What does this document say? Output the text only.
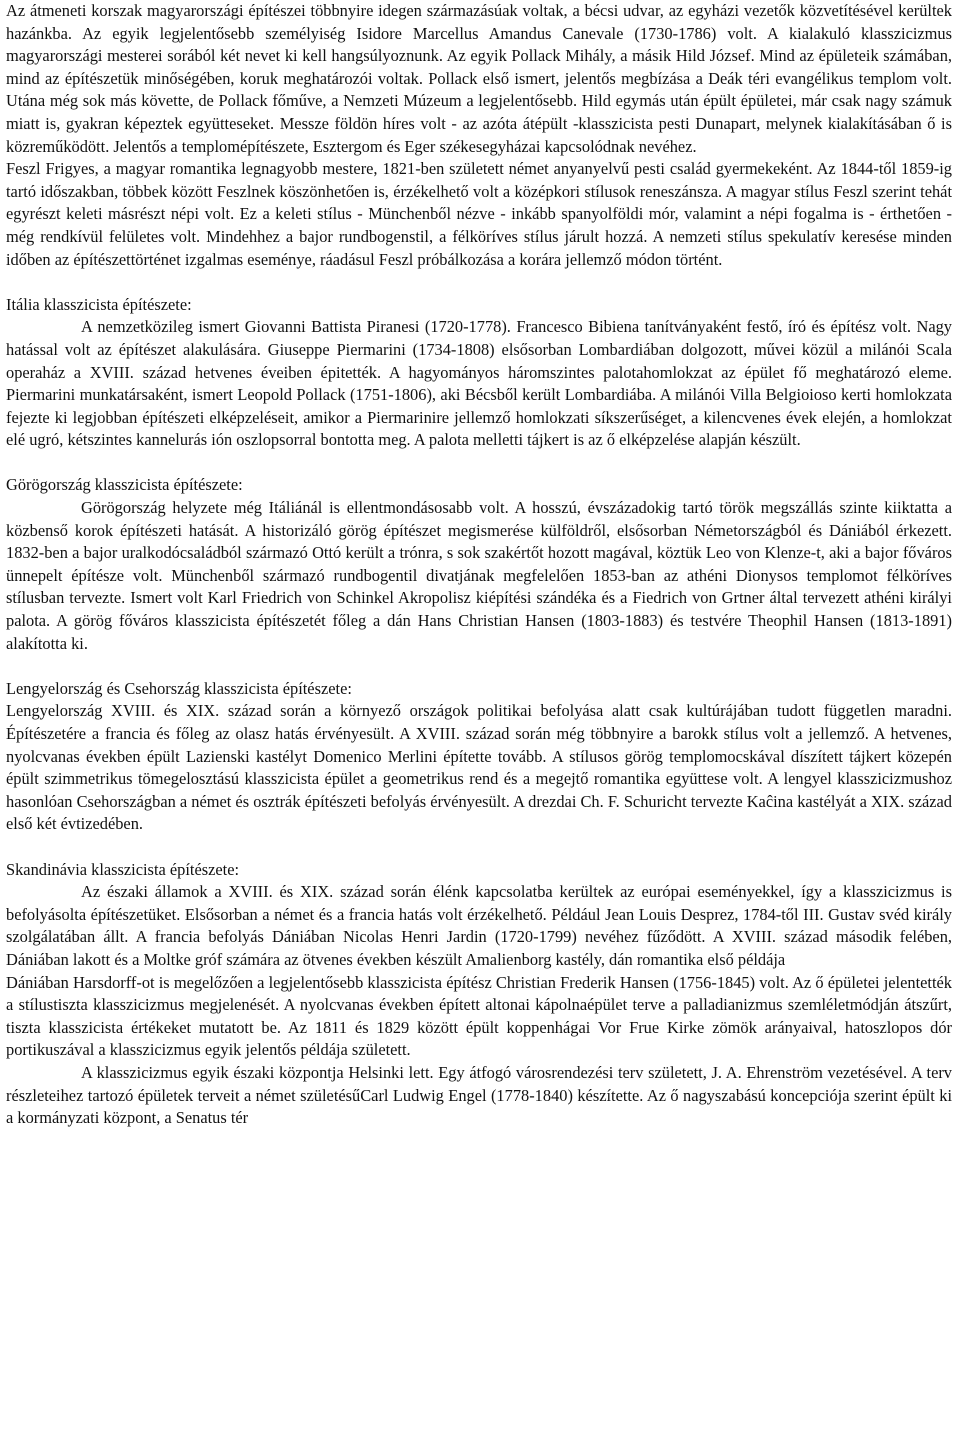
Az átmeneti korszak magyarországi építészei többnyire idegen származásúak voltak, a bécsi udvar, az egyházi vezetők közvetítésével kerültek hazánkba. Az egyik legjelentősebb személyiség Isidore Marcellus Amandus Canevale (1730-1786) volt. A kialakuló klasszicizmus magyarországi mesterei sorából két nevet ki kell hangsúlyoznunk. Az egyik Pollack Mihály, a másik Hild József. Mind az épületeik számában, mind az építészetük minőségében, koruk meghatározói voltak. Pollack első ismert, jelentős megbízása a Deák téri evangélikus templom volt. Utána még sok más követte, de Pollack főműve, a Nemzeti Múzeum a legjelentősebb. Hild egymás után épült épületei, már csak nagy számuk miatt is, gyakran képeztek együtteseket. Messze földön híres volt - az azóta átépült -klasszicista pesti Dunapart, melynek kialakításában ő is közreműködött. Jelentős a templomépítészete, Esztergom és Eger székesegyházai kapcsolódnak nevéhez.

Feszl Frigyes, a magyar romantika legnagyobb mestere, 1821-ben született német anyanyelvű pesti család gyermekeként. Az 1844-től 1859-ig tartó időszakban, többek között Feszlnek köszönhetően is, érzékelhető volt a középkori stílusok reneszánsza. A magyar stílus Feszl szerint tehát egyrészt keleti másrészt népi volt. Ez a keleti stílus - Münchenből nézve - inkább spanyolföldi mór, valamint a népi fogalma is - érthetően - még rendkívül felületes volt. Mindehhez a bajor rundbogenstil, a félköríves stílus járult hozzá. A nemzeti stílus spekulatív keresése minden időben az építészettörténet izgalmas eseménye, ráadásul Feszl próbálkozása a korára jellemző módon történt.

Itália klasszicista építészete:

A nemzetközileg ismert Giovanni Battista Piranesi (1720-1778). Francesco Bibiena tanítványaként festő, író és építész volt. Nagy hatással volt az építészet alakulására. Giuseppe Piermarini (1734-1808) elsősorban Lombardiában dolgozott, művei közül a milánói Scala operaház a XVIII. század hetvenes éveiben épitették. A hagyományos háromszintes palotahomlokzat az épület fő meghatározó eleme. Piermarini munkatársaként, ismert Leopold Pollack (1751-1806), aki Bécsből került Lombardiába. A milánói Villa Belgioioso kerti homlokzata fejezte ki legjobban építészeti elképzeléseit, amikor a Piermarinire jellemző homlokzati síkszerűséget, a kilencvenes évek elején, a homlokzat elé ugró, kétszintes kannelurás ión oszlopsorral bontotta meg. A palota melletti tájkert is az ő elképzelése alapján készült.

Görögország klasszicista építészete:

Görögország helyzete még Itáliánál is ellentmondásosabb volt. A hosszú, évszázadokig tartó török megszállás szinte kiiktatta a közbenső korok építészeti hatását. A historizáló görög építészet megismerése külföldről, elsősorban Németországból és Dániából érkezett. 1832-ben a bajor uralkodócsaládból származó Ottó került a trónra, s sok szakértőt hozott magával, köztük Leo von Klenze-t, aki a bajor főváros ünnepelt építésze volt. Münchenből származó rundbogentil divatjának megfelelően 1853-ban az athéni Dionysos templomot félköríves stílusban tervezte. Ismert volt Karl Friedrich von Schinkel Akropolisz kiépítési szándéka és a Fiedrich von Grtner által tervezett athéni királyi palota. A görög főváros klasszicista építészetét főleg a dán Hans Christian Hansen (1803-1883) és testvére Theophil Hansen (1813-1891) alakította ki.

Lengyelország és Csehország klasszicista építészete:

Lengyelország XVIII. és XIX. század során a környező országok politikai befolyása alatt csak kultúrájában tudott független maradni. Építészetére a francia és főleg az olasz hatás érvényesült. A XVIII. század során még többnyire a barokk stílus volt a jellemző. A hetvenes, nyolcvanas években épült Lazienski kastélyt Domenico Merlini építette tovább. A stílusos görög templomocskával díszített tájkert közepén épült szimmetrikus tömegelosztású klasszicista épület a geometrikus rend és a megejtő romantika együttese volt. A lengyel klasszicizmushoz hasonlóan Csehországban a német és osztrák építészeti befolyás érvényesült. A drezdai Ch. F. Schuricht tervezte Kaĉina kastélyát a XIX. század első két évtizedében.

Skandinávia klasszicista építészete:

Az északi államok a XVIII. és XIX. század során élénk kapcsolatba kerültek az európai eseményekkel, így a klasszicizmus is befolyásolta építészetüket. Elsősorban a német és a francia hatás volt érzékelhető. Például Jean Louis Desprez, 1784-től III. Gustav svéd király szolgálatában állt. A francia befolyás Dániában Nicolas Henri Jardin (1720-1799) nevéhez fűződött. A XVIII. század második felében, Dániában lakott és a Moltke gróf számára az ötvenes években készült Amalienborg kastély, dán romantika első példája

Dániában Harsdorff-ot is megelőzően a legjelentősebb klasszicista építész Christian Frederik Hansen (1756-1845) volt. Az ő épületei jelentették a stílustiszta klasszicizmus megjelenését. A nyolcvanas években épített altonai kápolnaépület terve a palladianizmus szemléletmódján átszűrt, tiszta klasszicista értékeket mutatott be. Az 1811 és 1829 között épült koppenhágai Vor Frue Kirke zömök arányaival, hatoszlopos dór portikuszával a klasszicizmus egyik jelentős példája született.

A klasszicizmus egyik északi központja Helsinki lett. Egy átfogó városrendezési terv született, J. A. Ehrenström vezetésével. A terv részleteihez tartozó épületek terveit a német születésűCarl Ludwig Engel (1778-1840) készítette. Az ő nagyszabású koncepciója szerint épült ki a kormányzati központ, a Senatus tér
